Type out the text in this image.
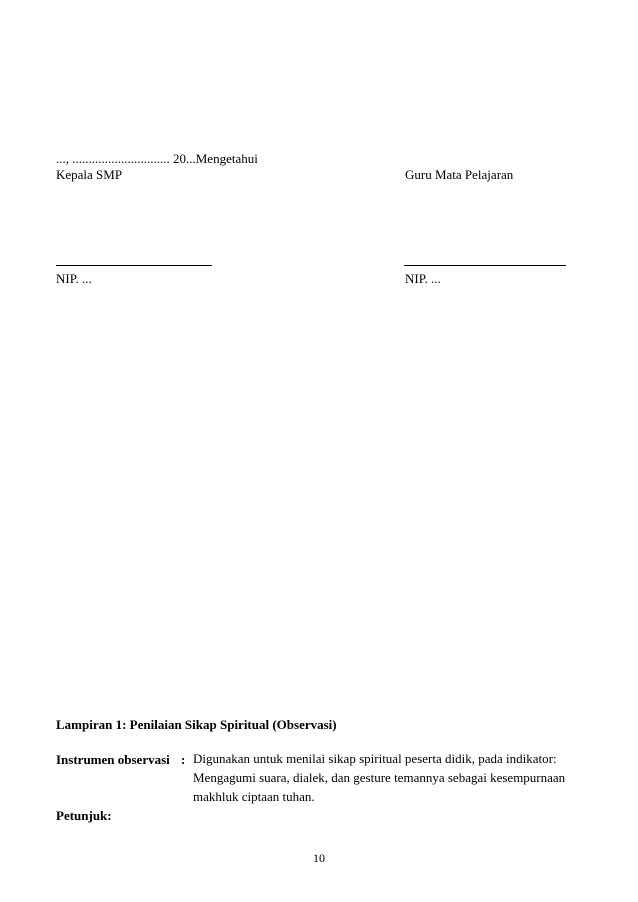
..., .............................. 20...Mengetahui
Kepala SMP	Guru Mata Pelajaran
NIP. ...	NIP. ...
Lampiran 1: Penilaian Sikap Spiritual (Observasi)
Instrumen observasi : Digunakan untuk menilai sikap spiritual peserta didik, pada indikator: Mengagumi suara, dialek, dan gesture temannya sebagai kesempurnaan makhluk ciptaan tuhan.
Petunjuk:
10
